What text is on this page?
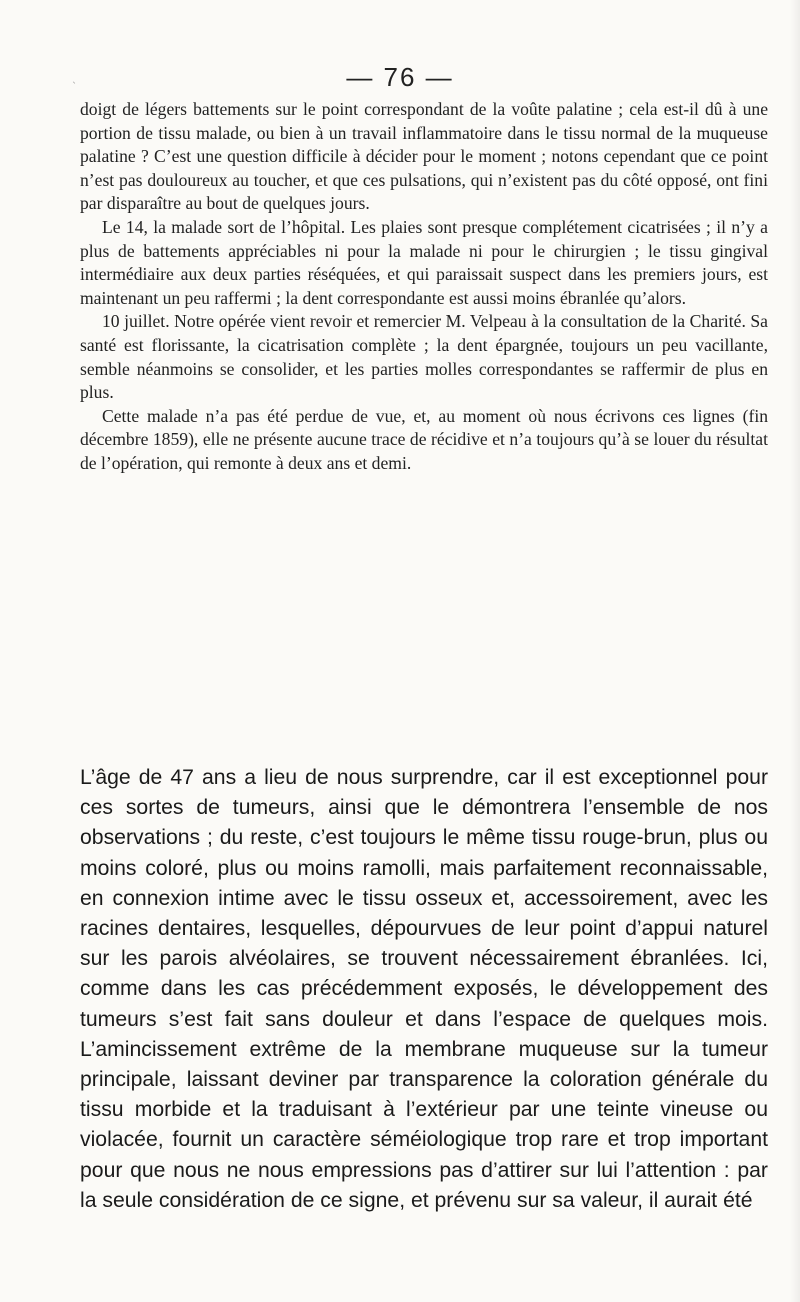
ˎ	— 76 —

doigt de légers battements sur le point correspondant de la voûte palatine ; cela est-il dû à une portion de tissu malade, ou bien à un travail inflammatoire dans le tissu normal de la muqueuse palatine ? C’est une question difficile à décider pour le moment ; notons cependant que ce point n’est pas douloureux au toucher, et que ces pulsations, qui n’existent pas du côté opposé, ont fini par disparaître au bout de quelques jours.

Le 14, la malade sort de l’hôpital. Les plaies sont presque complétement cicatrisées ; il n’y a plus de battements appréciables ni pour la malade ni pour le chirurgien ; le tissu gingival intermédiaire aux deux parties réséquées, et qui paraissait suspect dans les premiers jours, est maintenant un peu raffermi ; la dent correspondante est aussi moins ébranlée qu’alors.

10 juillet. Notre opérée vient revoir et remercier M. Velpeau à la consultation de la Charité. Sa santé est florissante, la cicatrisation complète ; la dent épargnée, toujours un peu vacillante, semble néanmoins se consolider, et les parties molles correspondantes se raffermir de plus en plus.

Cette malade n’a pas été perdue de vue, et, au moment où nous écrivons ces lignes (fin décembre 1859), elle ne présente aucune trace de récidive et n’a toujours qu’à se louer du résultat de l’opération, qui remonte à deux ans et demi.

L’âge de 47 ans a lieu de nous surprendre, car il est exceptionnel pour ces sortes de tumeurs, ainsi que le démontrera l’ensemble de nos observations ; du reste, c’est toujours le même tissu rouge-brun, plus ou moins coloré, plus ou moins ramolli, mais parfaitement reconnaissable, en connexion intime avec le tissu osseux et, accessoirement, avec les racines dentaires, lesquelles, dépourvues de leur point d’appui naturel sur les parois alvéolaires, se trouvent nécessairement ébranlées. Ici, comme dans les cas précédemment exposés, le développement des tumeurs s’est fait sans douleur et dans l’espace de quelques mois. L’amincissement extrême de la membrane muqueuse sur la tumeur principale, laissant deviner par transparence la coloration générale du tissu morbide et la traduisant à l’extérieur par une teinte vineuse ou violacée, fournit un caractère séméiologique trop rare et trop important pour que nous ne nous empressions pas d’attirer sur lui l’attention : par la seule considération de ce signe, et prévenu sur sa valeur, il aurait été
